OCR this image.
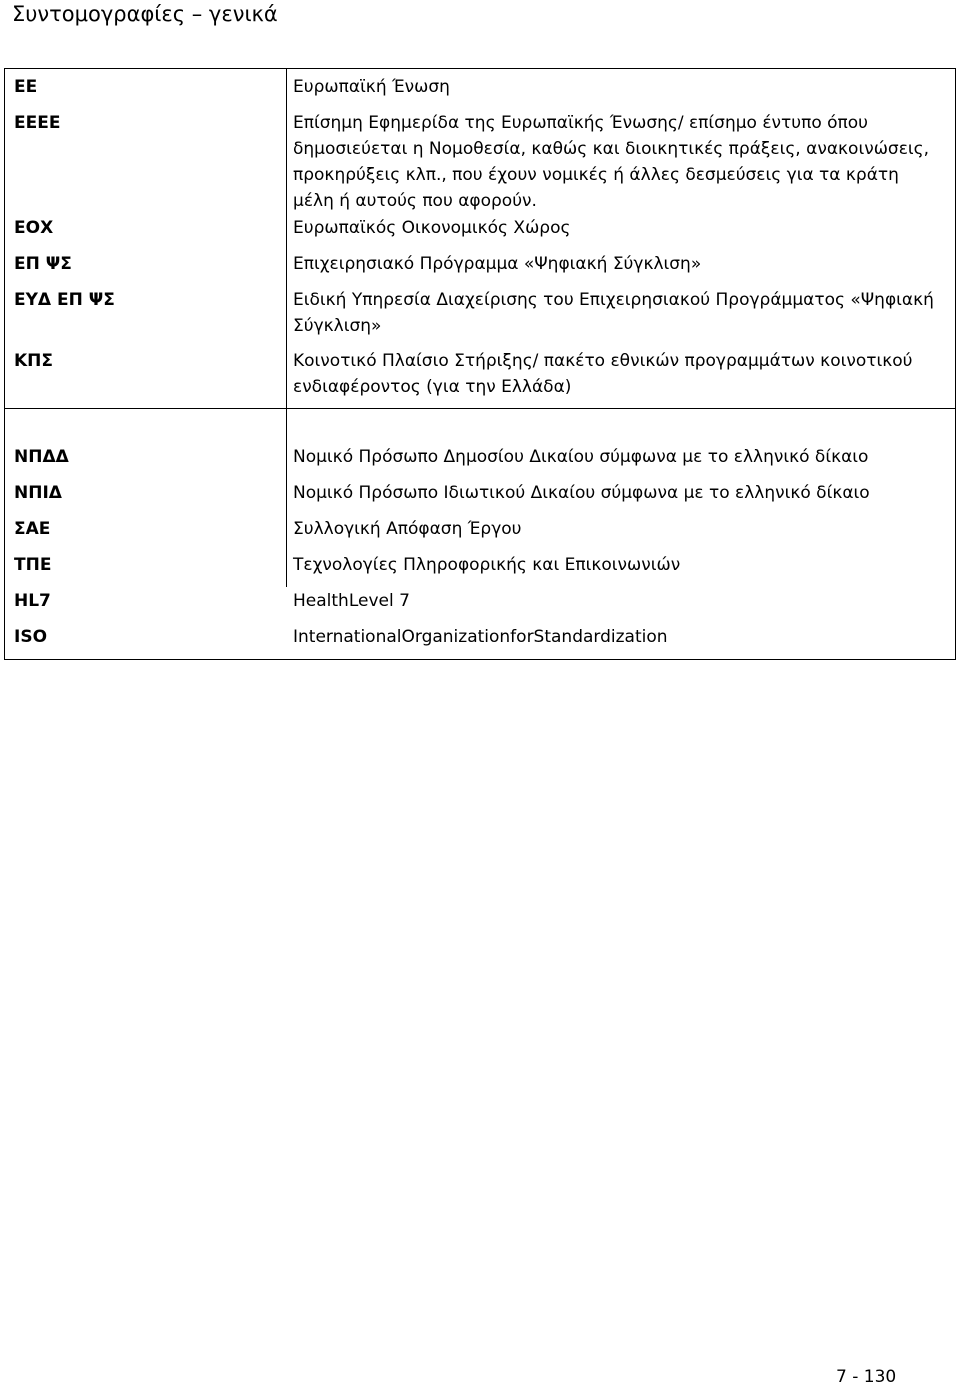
Συντομογραφίες – γενικά
ΕΕ	Ευρωπαϊκή Ένωση
ΕΕΕΕ	Επίσημη Εφημερίδα της Ευρωπαϊκής Ένωσης/ επίσημο έντυπο όπου δημοσιεύεται η Νομοθεσία, καθώς και διοικητικές πράξεις, ανακοινώσεις, προκηρύξεις κλπ., που έχουν νομικές ή άλλες δεσμεύσεις για τα κράτη μέλη ή αυτούς που αφορούν.
ΕΟΧ	Ευρωπαϊκός Οικονομικός Χώρος
ΕΠ ΨΣ	Επιχειρησιακό Πρόγραμμα «Ψηφιακή Σύγκλιση»
ΕΥΔ ΕΠ ΨΣ	Ειδική Υπηρεσία Διαχείρισης του Επιχειρησιακού Προγράμματος «Ψηφιακή Σύγκλιση»
ΚΠΣ	Κοινοτικό Πλαίσιο Στήριξης/ πακέτο εθνικών προγραμμάτων κοινοτικού ενδιαφέροντος (για την Ελλάδα)
ΝΠΔΔ	Νομικό Πρόσωπο Δημοσίου Δικαίου σύμφωνα με το ελληνικό δίκαιο
ΝΠΙΔ	Νομικό Πρόσωπο Ιδιωτικού Δικαίου σύμφωνα με το ελληνικό δίκαιο
ΣΑΕ	Συλλογική Απόφαση Έργου
ΤΠΕ	Τεχνολογίες Πληροφορικής και Επικοινωνιών
HL7	HealthLevel 7
ISO	InternationalOrganizationforStandardization
7 - 130
